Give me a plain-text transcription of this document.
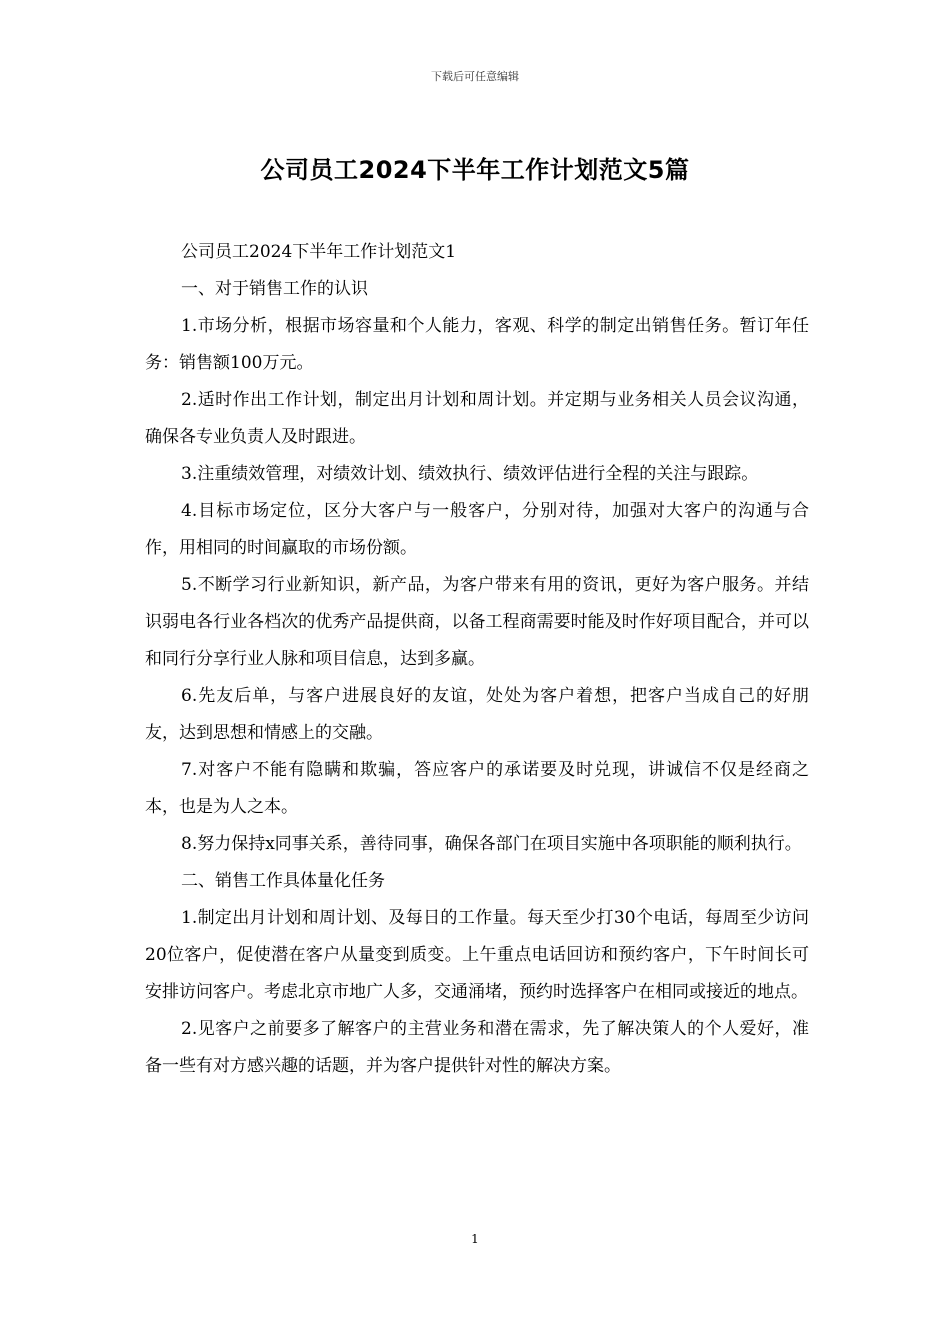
下载后可任意编辑
公司员工2024下半年工作计划范文5篇

公司员工2024下半年工作计划范文1

一、对于销售工作的认识

1.市场分析，根据市场容量和个人能力，客观、科学的制定出销售任务。暂订年任务：销售额100万元。

2.适时作出工作计划，制定出月计划和周计划。并定期与业务相关人员会议沟通，确保各专业负责人及时跟进。

3.注重绩效管理，对绩效计划、绩效执行、绩效评估进行全程的关注与跟踪。

4.目标市场定位，区分大客户与一般客户，分别对待，加强对大客户的沟通与合作，用相同的时间赢取的市场份额。

5.不断学习行业新知识，新产品，为客户带来有用的资讯，更好为客户服务。并结识弱电各行业各档次的优秀产品提供商，以备工程商需要时能及时作好项目配合，并可以和同行分享行业人脉和项目信息，达到多赢。

6.先友后单，与客户进展良好的友谊，处处为客户着想，把客户当成自己的好朋友，达到思想和情感上的交融。

7.对客户不能有隐瞒和欺骗，答应客户的承诺要及时兑现，讲诚信不仅是经商之本，也是为人之本。

8.努力保持x同事关系，善待同事，确保各部门在项目实施中各项职能的顺利执行。

二、销售工作具体量化任务

1.制定出月计划和周计划、及每日的工作量。每天至少打30个电话，每周至少访问20位客户，促使潜在客户从量变到质变。上午重点电话回访和预约客户，下午时间长可安排访问客户。考虑北京市地广人多，交通涌堵，预约时选择客户在相同或接近的地点。

2.见客户之前要多了解客户的主营业务和潜在需求，先了解决策人的个人爱好，准备一些有对方感兴趣的话题，并为客户提供针对性的解决方案。

1
